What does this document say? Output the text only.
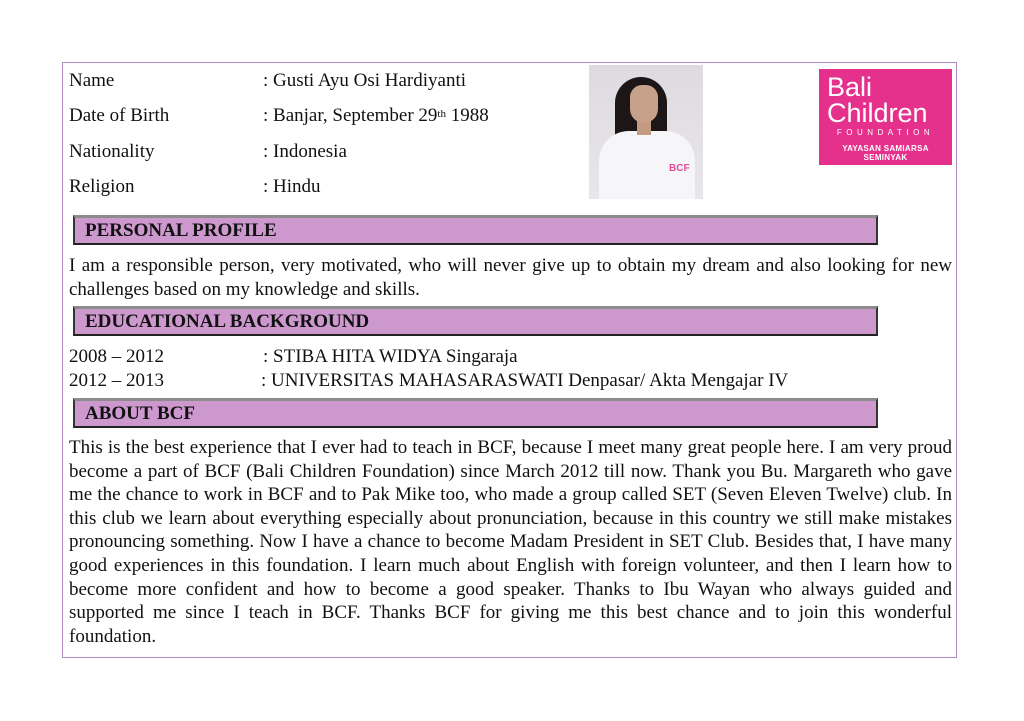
Name	: Gusti Ayu Osi Hardiyanti
Date of Birth	: Banjar, September 29th 1988
Nationality	: Indonesia
Religion	: Hindu
BCF
Bali
Children
FOUNDATION
YAYASAN SAMIARSA SEMINYAK
PERSONAL PROFILE
I am a responsible person, very motivated, who will never give up to obtain my dream and also looking for new challenges based on my knowledge and skills.
EDUCATIONAL BACKGROUND
2008 – 2012	: STIBA HITA WIDYA Singaraja
2012 – 2013	: UNIVERSITAS MAHASARASWATI Denpasar/ Akta Mengajar IV
ABOUT BCF
This is the best experience that I ever had to teach in BCF, because I meet many great people here. I am very proud become a part of BCF (Bali Children Foundation) since March 2012 till now. Thank you Bu. Margareth who gave me the chance to work in BCF and to Pak Mike too, who made a group called SET (Seven Eleven Twelve) club. In this club we learn about everything especially about pronunciation, because in this country we still make mistakes pronouncing something. Now I have a chance to become Madam President in SET Club. Besides that, I have many good experiences in this foundation. I learn much about English with foreign volunteer, and then I learn how to become more confident and how to become a good speaker. Thanks to Ibu Wayan who always guided and supported me since I teach in BCF. Thanks BCF for giving me this best chance and to join this wonderful foundation.
